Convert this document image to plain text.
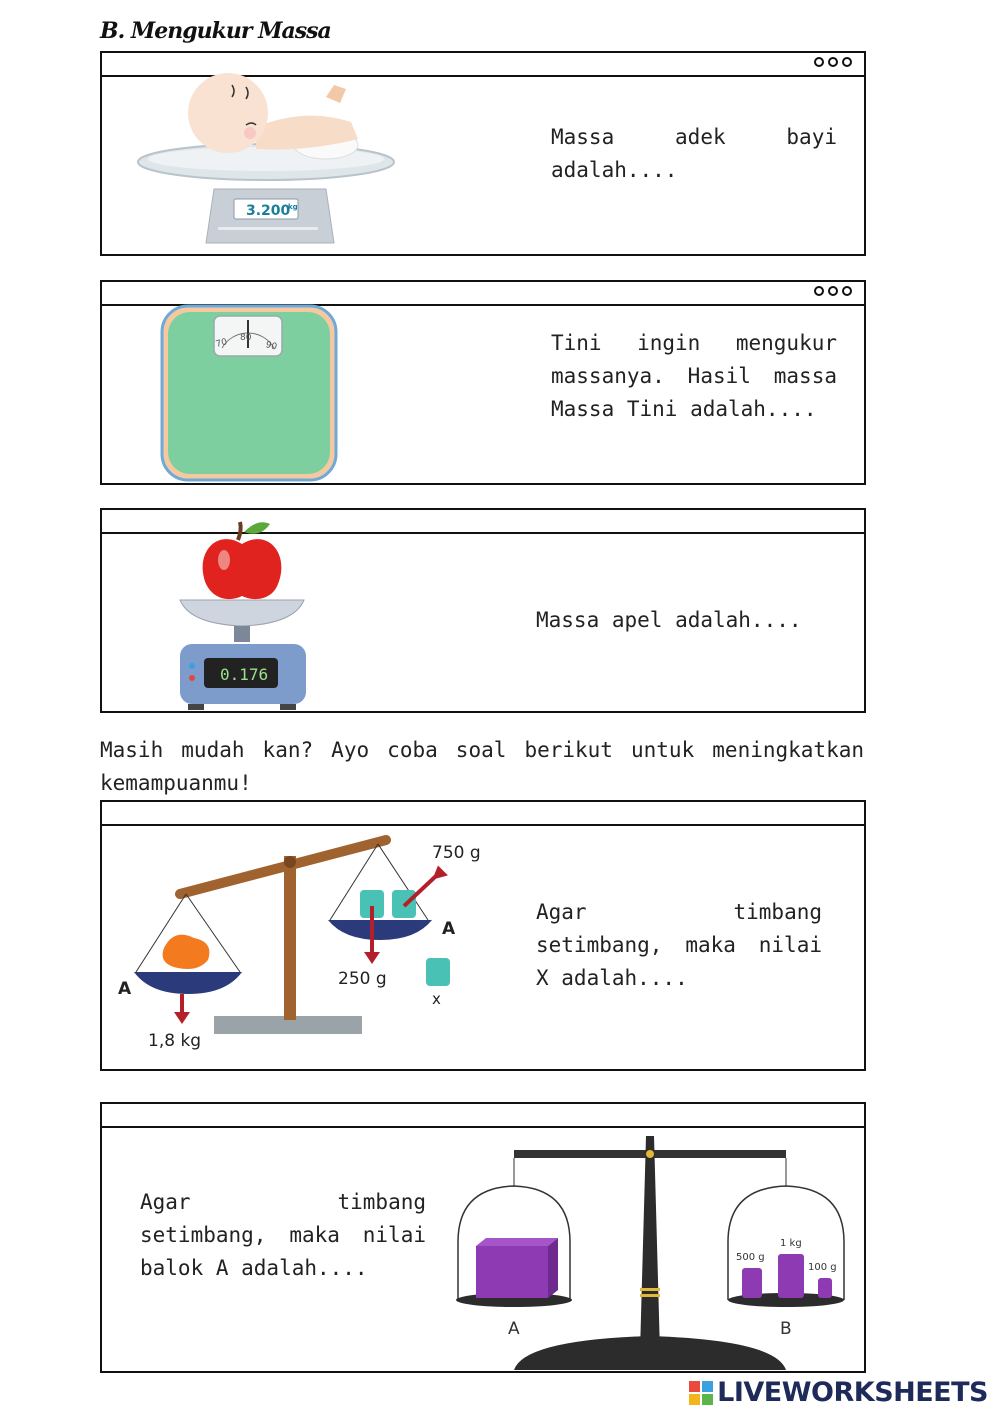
B. Mengukur Massa
3.200
kg
Massa adek bayi adalah....
70 80
90	Tini ingin mengukur massanya. Hasil massa Massa Tini adalah....
0.176
Massa apel adalah....
Masih mudah kan? Ayo coba soal berikut untuk meningkatkan kemampuanmu!
A
1,8 kg
A
750 g
250 g
x
Agar timbang setimbang, maka nilai X adalah....
Agar timbang setimbang, maka nilai balok A adalah....	500 g
1 kg
100 g
A	B
LIVEWORKSHEETS
